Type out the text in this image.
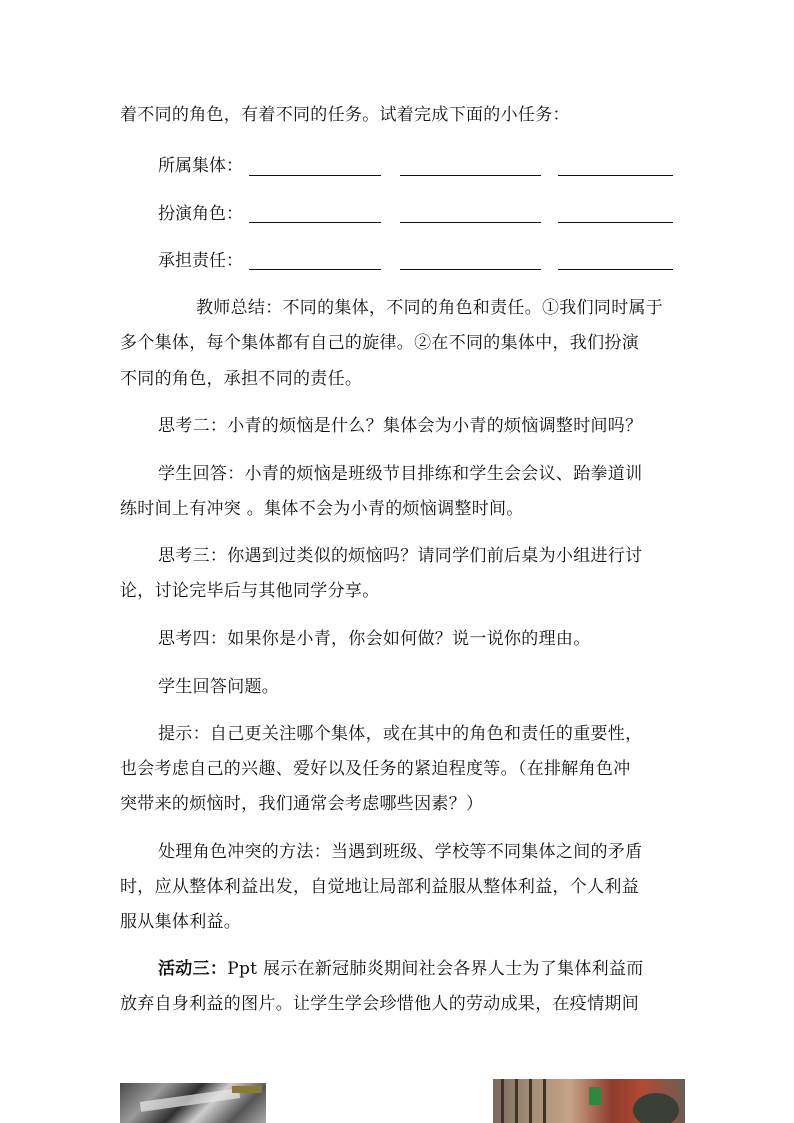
着不同的角色，有着不同的任务。试着完成下面的小任务：
所属集体：
扮演角色：
承担责任：
教师总结：不同的集体，不同的角色和责任。①我们同时属于
多个集体，每个集体都有自己的旋律。②在不同的集体中，我们扮演
不同的角色，承担不同的责任。
思考二：小青的烦恼是什么？集体会为小青的烦恼调整时间吗？
学生回答：小青的烦恼是班级节目排练和学生会会议、跆拳道训
练时间上有冲突 。集体不会为小青的烦恼调整时间。
思考三：你遇到过类似的烦恼吗？请同学们前后桌为小组进行讨
论，讨论完毕后与其他同学分享。
思考四：如果你是小青，你会如何做？说一说你的理由。
学生回答问题。
提示：自己更关注哪个集体，或在其中的角色和责任的重要性，
也会考虑自己的兴趣、爱好以及任务的紧迫程度等。（在排解角色冲
突带来的烦恼时，我们通常会考虑哪些因素？）
处理角色冲突的方法：当遇到班级、学校等不同集体之间的矛盾
时，应从整体利益出发，自觉地让局部利益服从整体利益，个人利益
服从集体利益。
活动三：Ppt 展示在新冠肺炎期间社会各界人士为了集体利益而
放弃自身利益的图片。让学生学会珍惜他人的劳动成果，在疫情期间
